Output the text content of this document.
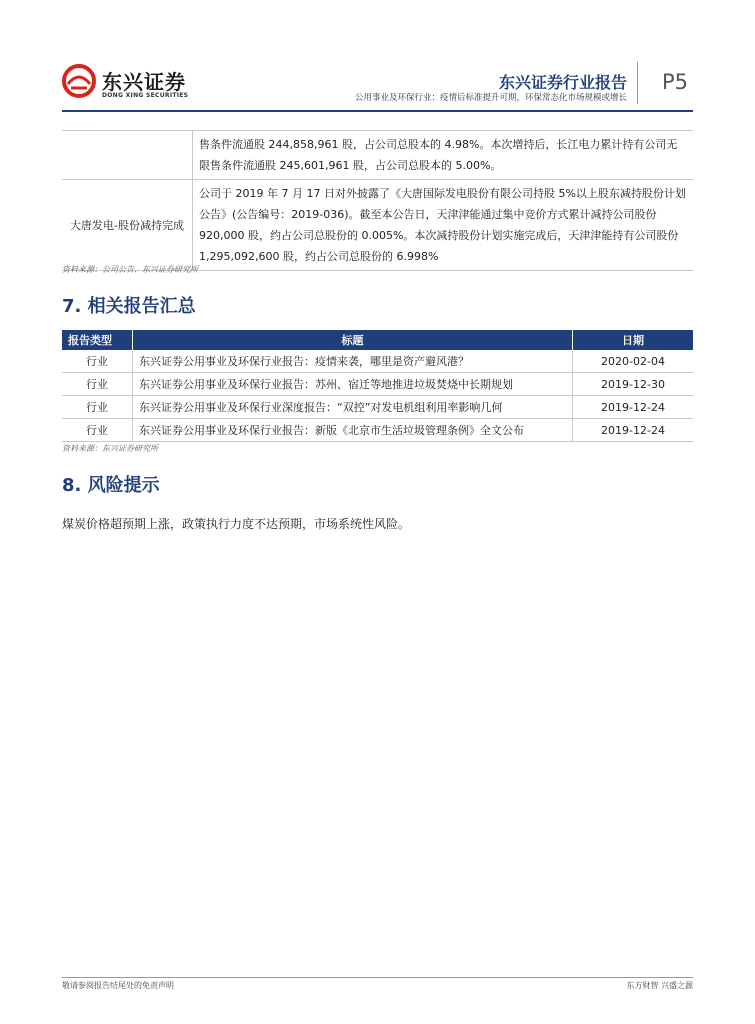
东兴证券
DONG XING SECURITIES
东兴证券行业报告
公用事业及环保行业：疫情后标准提升可期，环保常态化市场规模或增长
P5
	售条件流通股 244,858,961 股，占公司总股本的 4.98%。本次增持后，长江电力累计持有公司无限售条件流通股 245,601,961 股，占公司总股本的 5.00%。
大唐发电-股份减持完成	公司于 2019 年 7 月 17 日对外披露了《大唐国际发电股份有限公司持股 5%以上股东减持股份计划公告》(公告编号：2019-036)。截至本公告日，天津津能通过集中竞价方式累计减持公司股份 920,000 股，约占公司总股份的 0.005%。本次减持股份计划实施完成后，天津津能持有公司股份 1,295,092,600 股，约占公司总股份的 6.998%
资料来源：公司公告、东兴证券研究所
7. 相关报告汇总
报告类型	标题	日期
行业	东兴证券公用事业及环保行业报告：疫情来袭，哪里是资产避风港？	2020-02-04
行业	东兴证券公用事业及环保行业报告：苏州、宿迁等地推进垃圾焚烧中长期规划	2019-12-30
行业	东兴证券公用事业及环保行业深度报告：“双控”对发电机组利用率影响几何	2019-12-24
行业	东兴证券公用事业及环保行业报告：新版《北京市生活垃圾管理条例》全文公布	2019-12-24
资料来源：东兴证券研究所
8. 风险提示
煤炭价格超预期上涨，政策执行力度不达预期，市场系统性风险。
敬请参阅报告结尾处的免责声明	东方财智 兴盛之源
